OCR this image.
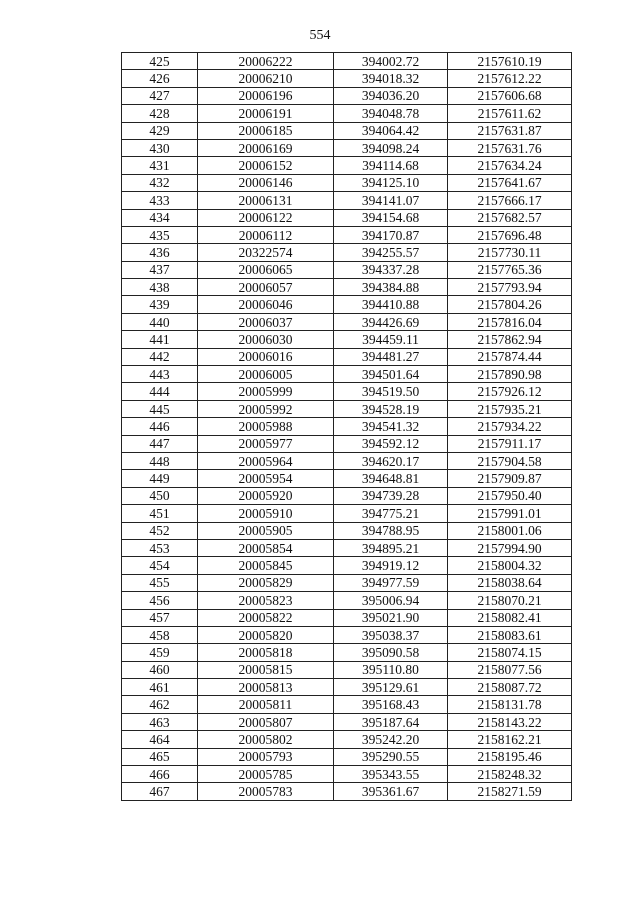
554
425	20006222	394002.72	2157610.19
426	20006210	394018.32	2157612.22
427	20006196	394036.20	2157606.68
428	20006191	394048.78	2157611.62
429	20006185	394064.42	2157631.87
430	20006169	394098.24	2157631.76
431	20006152	394114.68	2157634.24
432	20006146	394125.10	2157641.67
433	20006131	394141.07	2157666.17
434	20006122	394154.68	2157682.57
435	20006112	394170.87	2157696.48
436	20322574	394255.57	2157730.11
437	20006065	394337.28	2157765.36
438	20006057	394384.88	2157793.94
439	20006046	394410.88	2157804.26
440	20006037	394426.69	2157816.04
441	20006030	394459.11	2157862.94
442	20006016	394481.27	2157874.44
443	20006005	394501.64	2157890.98
444	20005999	394519.50	2157926.12
445	20005992	394528.19	2157935.21
446	20005988	394541.32	2157934.22
447	20005977	394592.12	2157911.17
448	20005964	394620.17	2157904.58
449	20005954	394648.81	2157909.87
450	20005920	394739.28	2157950.40
451	20005910	394775.21	2157991.01
452	20005905	394788.95	2158001.06
453	20005854	394895.21	2157994.90
454	20005845	394919.12	2158004.32
455	20005829	394977.59	2158038.64
456	20005823	395006.94	2158070.21
457	20005822	395021.90	2158082.41
458	20005820	395038.37	2158083.61
459	20005818	395090.58	2158074.15
460	20005815	395110.80	2158077.56
461	20005813	395129.61	2158087.72
462	20005811	395168.43	2158131.78
463	20005807	395187.64	2158143.22
464	20005802	395242.20	2158162.21
465	20005793	395290.55	2158195.46
466	20005785	395343.55	2158248.32
467	20005783	395361.67	2158271.59
